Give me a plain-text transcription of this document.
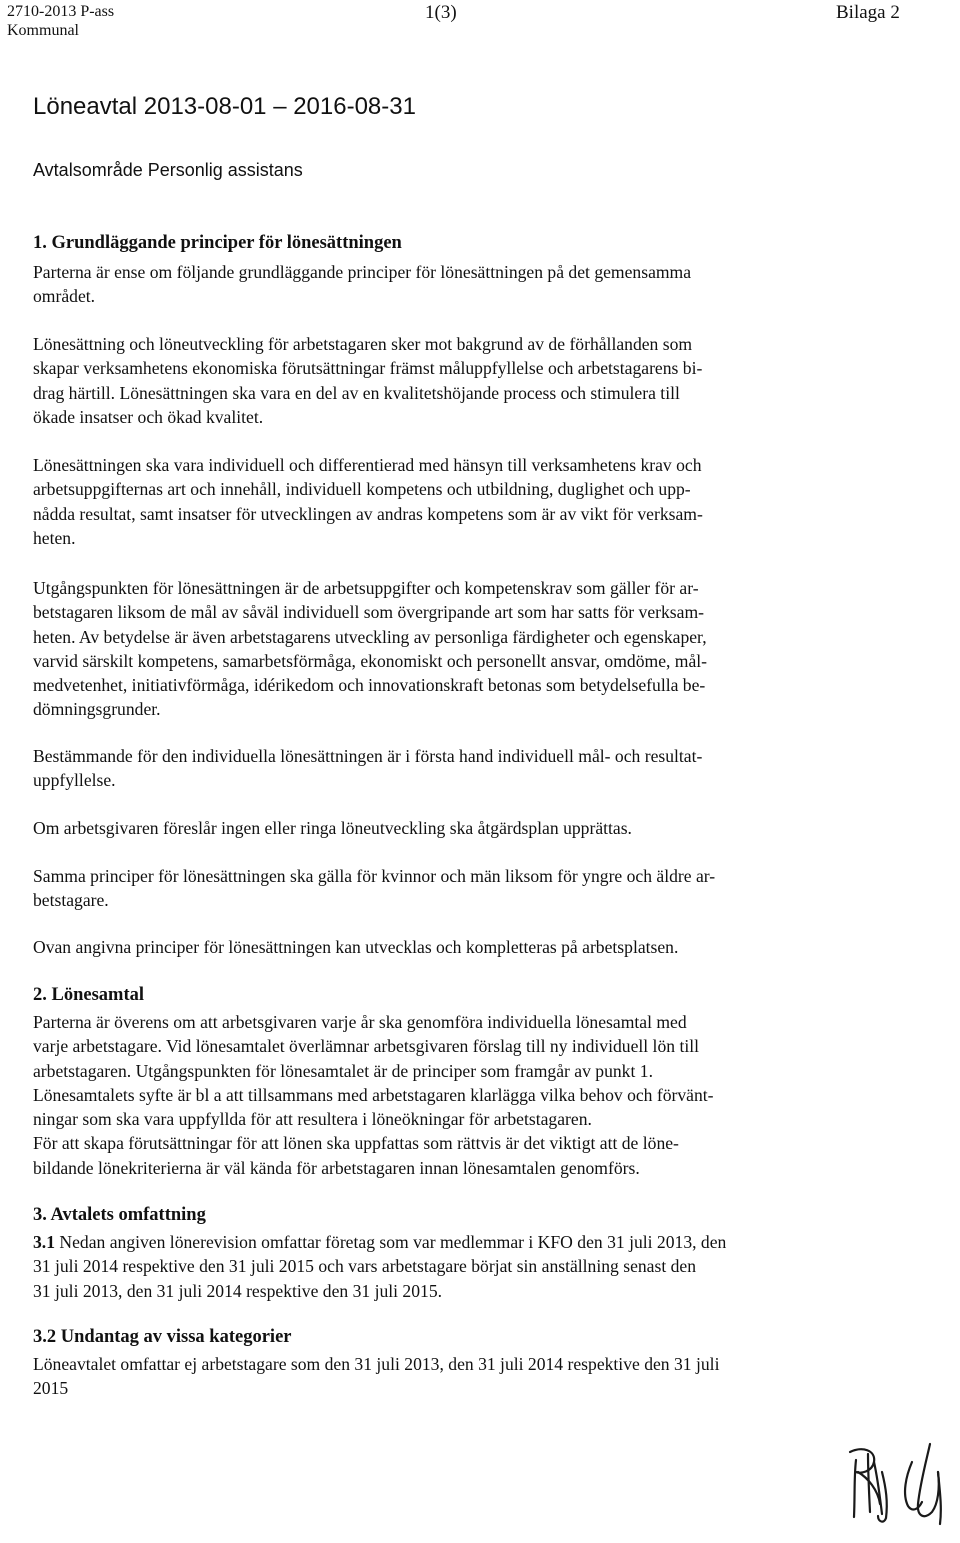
2710-2013 P-ass
Kommunal
1(3)	Bilaga 2
Löneavtal 2013-08-01 – 2016-08-31
Avtalsområde Personlig assistans
1. Grundläggande principer för lönesättningen
Parterna är ense om följande grundläggande principer för lönesättningen på det gemensamma
området.
Lönesättning och löneutveckling för arbetstagaren sker mot bakgrund av de förhållanden som
skapar verksamhetens ekonomiska förutsättningar främst måluppfyllelse och arbetstagarens bi-
drag härtill. Lönesättningen ska vara en del av en kvalitetshöjande process och stimulera till
ökade insatser och ökad kvalitet.
Lönesättningen ska vara individuell och differentierad med hänsyn till verksamhetens krav och
arbetsuppgifternas art och innehåll, individuell kompetens och utbildning, duglighet och upp-
nådda resultat, samt insatser för utvecklingen av andras kompetens som är av vikt för verksam-
heten.
Utgångspunkten för lönesättningen är de arbetsuppgifter och kompetenskrav som gäller för ar-
betstagaren liksom de mål av såväl individuell som övergripande art som har satts för verksam-
heten. Av betydelse är även arbetstagarens utveckling av personliga färdigheter och egenskaper,
varvid särskilt kompetens, samarbetsförmåga, ekonomiskt och personellt ansvar, omdöme, mål-
medvetenhet, initiativförmåga, idérikedom och innovationskraft betonas som betydelsefulla be-
dömningsgrunder.
Bestämmande för den individuella lönesättningen är i första hand individuell mål- och resultat-
uppfyllelse.
Om arbetsgivaren föreslår ingen eller ringa löneutveckling ska åtgärdsplan upprättas.
Samma principer för lönesättningen ska gälla för kvinnor och män liksom för yngre och äldre ar-
betstagare.
Ovan angivna principer för lönesättningen kan utvecklas och kompletteras på arbetsplatsen.
2. Lönesamtal
Parterna är överens om att arbetsgivaren varje år ska genomföra individuella lönesamtal med
varje arbetstagare. Vid lönesamtalet överlämnar arbetsgivaren förslag till ny individuell lön till
arbetstagaren. Utgångspunkten för lönesamtalet är de principer som framgår av punkt 1.
Lönesamtalets syfte är bl a att tillsammans med arbetstagaren klarlägga vilka behov och förvänt-
ningar som ska vara uppfyllda för att resultera i löneökningar för arbetstagaren.
För att skapa förutsättningar för att lönen ska uppfattas som rättvis är det viktigt att de löne-
bildande lönekriterierna är väl kända för arbetstagaren innan lönesamtalen genomförs.
3. Avtalets omfattning
3.1 Nedan angiven lönerevision omfattar företag som var medlemmar i KFO den 31 juli 2013, den
31 juli 2014 respektive den 31 juli 2015 och vars arbetstagare börjat sin anställning senast den
31 juli 2013, den 31 juli 2014 respektive den 31 juli 2015.
3.2 Undantag av vissa kategorier
Löneavtalet omfattar ej arbetstagare som den 31 juli 2013, den 31 juli 2014 respektive den 31 juli
2015
